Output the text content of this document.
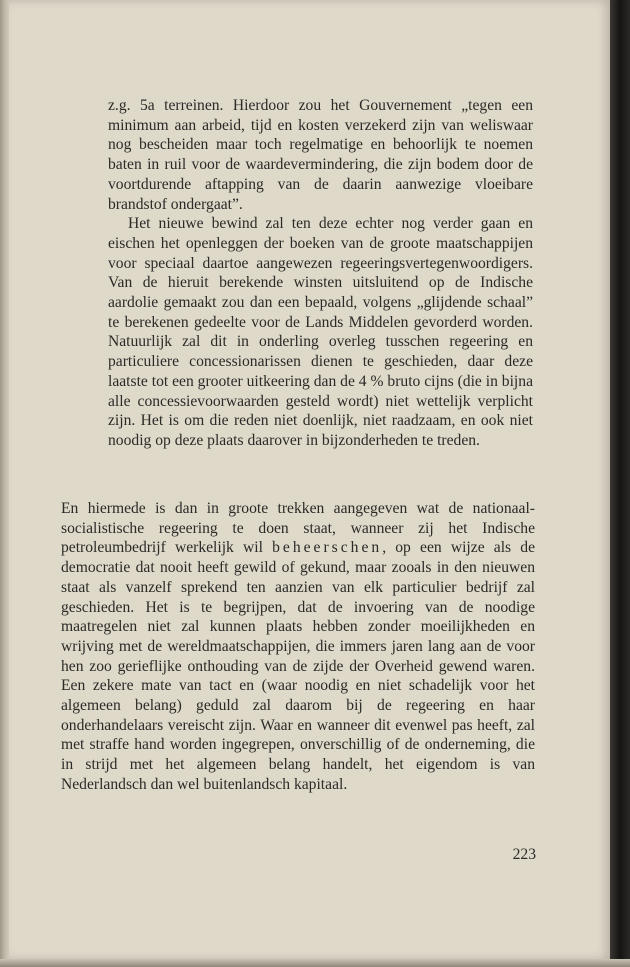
z.g. 5a terreinen. Hierdoor zou het Gouvernement „tegen een minimum aan arbeid, tijd en kosten verzekerd zijn van weliswaar nog bescheiden maar toch regelmatige en behoorlijk te noemen baten in ruil voor de waardevermindering, die zijn bodem door de voortdurende aftapping van de daarin aanwezige vloeibare brandstof ondergaat”.

Het nieuwe bewind zal ten deze echter nog verder gaan en eischen het openleggen der boeken van de groote maatschappijen voor speciaal daartoe aangewezen regeeringsvertegenwoordigers. Van de hieruit berekende winsten uitsluitend op de Indische aardolie gemaakt zou dan een bepaald, volgens „glijdende schaal” te berekenen gedeelte voor de Lands Middelen gevorderd worden. Natuurlijk zal dit in onderling overleg tusschen regeering en particuliere concessionarissen dienen te geschieden, daar deze laatste tot een grooter uitkeering dan de 4 % bruto cijns (die in bijna alle concessievoorwaarden gesteld wordt) niet wettelijk verplicht zijn. Het is om die reden niet doenlijk, niet raadzaam, en ook niet noodig op deze plaats daarover in bijzonderheden te treden.

En hiermede is dan in groote trekken aangegeven wat de nationaal-socialistische regeering te doen staat, wanneer zij het Indische petroleumbedrijf werkelijk wil beheerschen, op een wijze als de democratie dat nooit heeft gewild of gekund, maar zooals in den nieuwen staat als vanzelf sprekend ten aanzien van elk particulier bedrijf zal geschieden. Het is te begrijpen, dat de invoering van de noodige maatregelen niet zal kunnen plaats hebben zonder moeilijkheden en wrijving met de wereldmaatschappijen, die immers jaren lang aan de voor hen zoo gerieflijke onthouding van de zijde der Overheid gewend waren. Een zekere mate van tact en (waar noodig en niet schadelijk voor het algemeen belang) geduld zal daarom bij de regeering en haar onderhandelaars vereischt zijn. Waar en wanneer dit evenwel pas heeft, zal met straffe hand worden ingegrepen, onverschillig of de onderneming, die in strijd met het algemeen belang handelt, het eigendom is van Nederlandsch dan wel buitenlandsch kapitaal.

223
